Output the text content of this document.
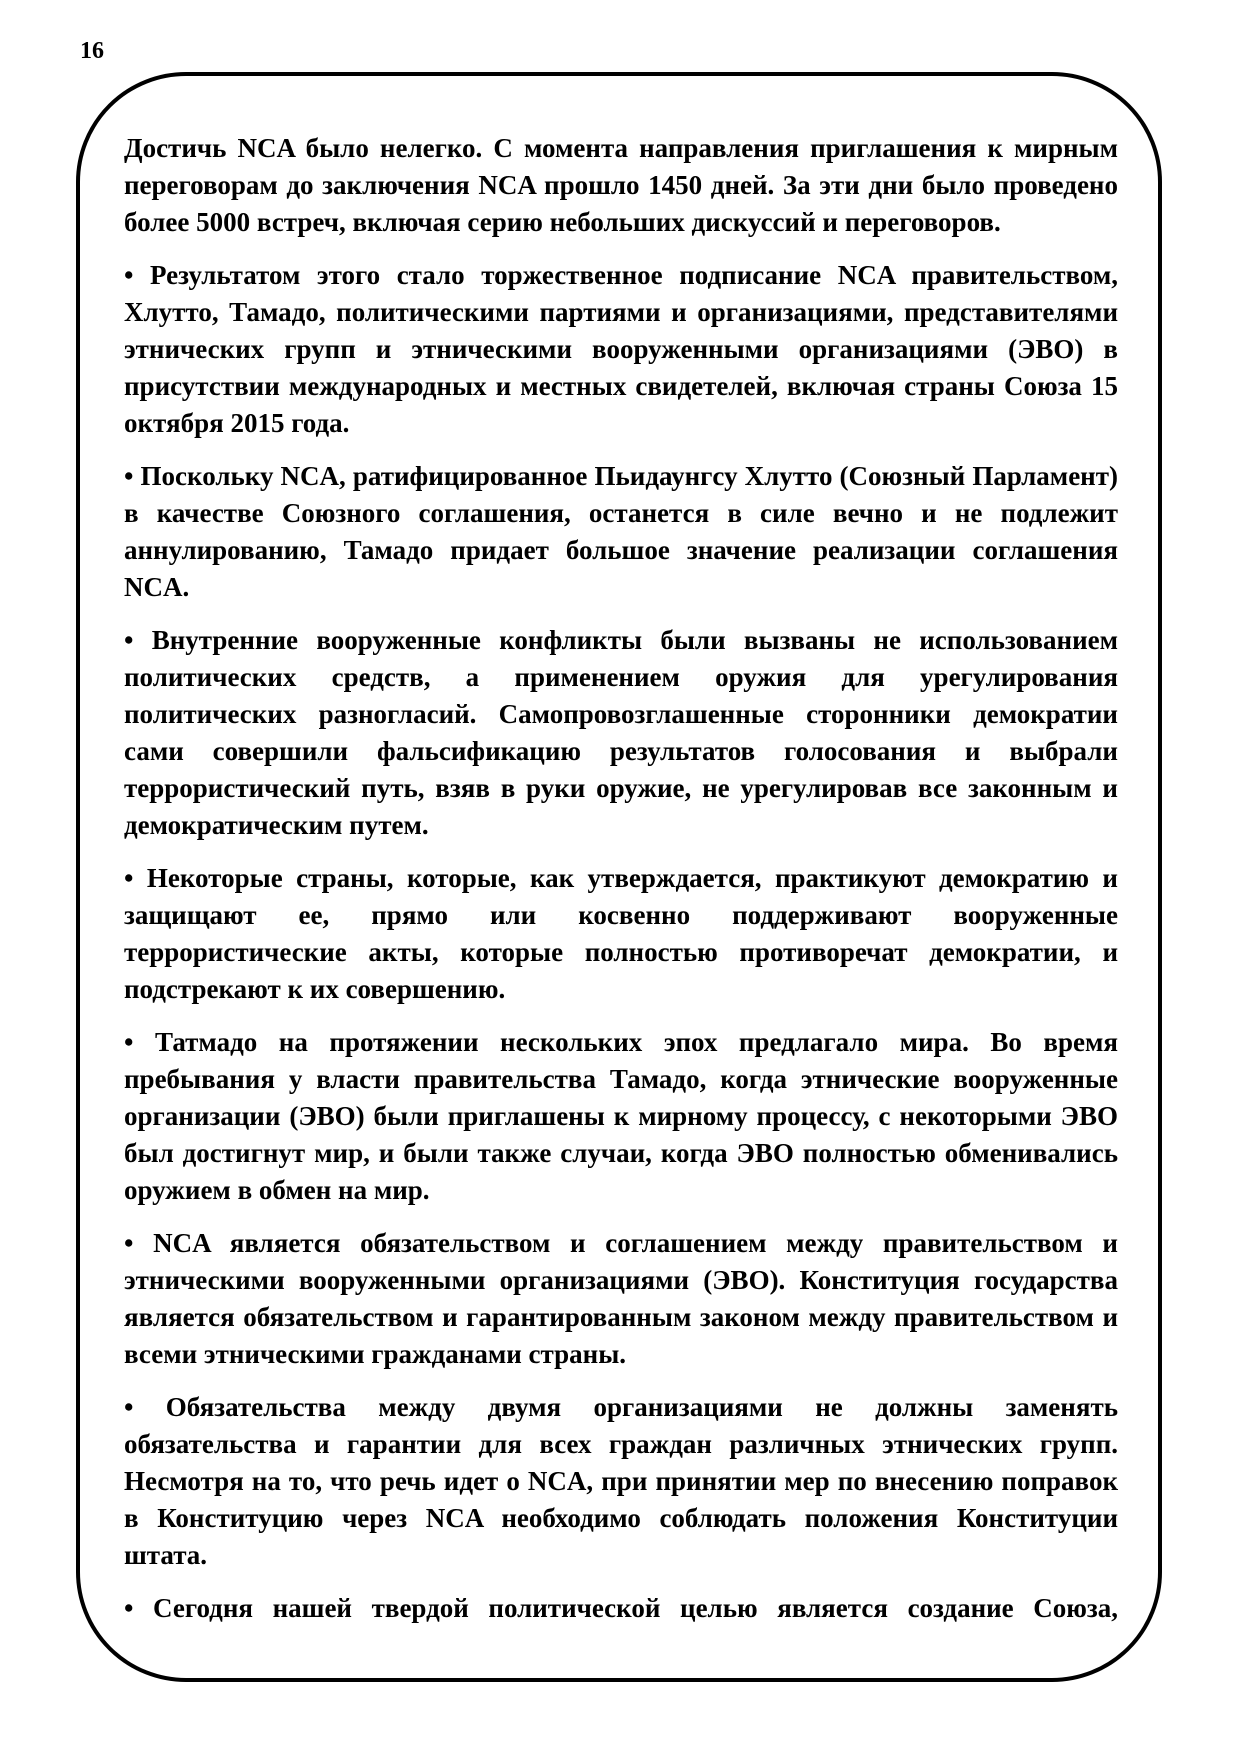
16

Достичь NCA было нелегко. С момента направления приглашения к мирным переговорам до заключения NCA прошло 1450 дней. За эти дни было проведено более 5000 встреч, включая серию небольших дискуссий и переговоров.

• Результатом этого стало торжественное подписание NCA правительством, Хлутто, Тамадо, политическими партиями и организациями, представителями этнических групп и этническими вооруженными организациями (ЭВО) в присутствии международных и местных свидетелей, включая страны Союза 15 октября 2015 года.

• Поскольку NCA, ратифицированное Пьидаунгсу Хлутто (Союзный Парламент) в качестве Союзного соглашения, останется в силе вечно и не подлежит аннулированию, Тамадо придает большое значение реализации соглашения NCA.

• Внутренние вооруженные конфликты были вызваны не использованием политических средств, а применением оружия для урегулирования политических разногласий. Самопровозглашенные сторонники демократии сами совершили фальсификацию результатов голосования и выбрали террористический путь, взяв в руки оружие, не урегулировав все законным и демократическим путем.

• Некоторые страны, которые, как утверждается, практикуют демократию и защищают ее, прямо или косвенно поддерживают вооруженные террористические акты, которые полностью противоречат демократии, и подстрекают к их совершению.

• Татмадо на протяжении нескольких эпох предлагало мира. Во время пребывания у власти правительства Тамадо, когда этнические вооруженные организации (ЭВО) были приглашены к мирному процессу, с некоторыми ЭВО был достигнут мир, и были также случаи, когда ЭВО полностью обменивались оружием в обмен на мир.

• NCA является обязательством и соглашением между правительством и этническими вооруженными организациями (ЭВО). Конституция государства является обязательством и гарантированным законом между правительством и всеми этническими гражданами страны.

• Обязательства между двумя организациями не должны заменять обязательства и гарантии для всех граждан различных этнических групп. Несмотря на то, что речь идет о NCA, при принятии мер по внесению поправок в Конституцию через NCA необходимо соблюдать положения Конституции штата.

• Сегодня нашей твердой политической целью является создание Союза,
